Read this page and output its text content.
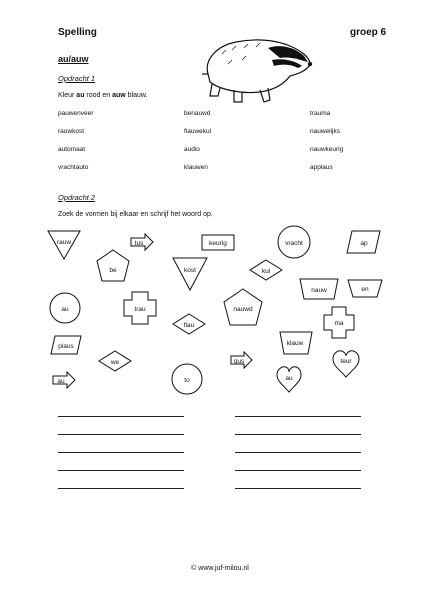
Spelling	groep 6
au/auw
Opdracht 1
Kleur au rood en auw blauw.
pauwenveer	benauwd	trauma
rauwkost	flauwekul	nauwelijks
automaat	audio	nauwkeurig
vrachtauto	klauwen	applaus
Opdracht 2
Zoek de vormen bij elkaar en schrijf het woord op.
rauw	tus	keurig	vracht	ap
be	kost	kul
nauw	en
au	trau	nauwd
flau	ma
plaus
we	gus
klauw
teur
au	to	au
© www.juf-milou.nl
